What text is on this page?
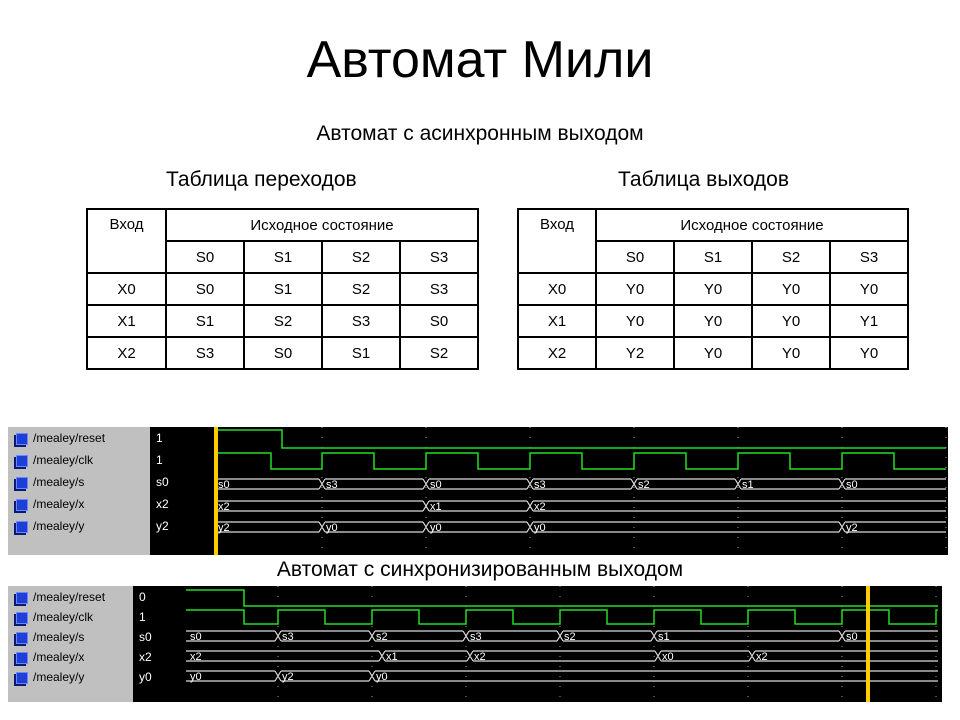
Автомат Мили
Автомат с асинхронным выходом
Таблица переходов	Таблица выходов
Вход	Исходное состояние			
	S0	S1	S2	S3
X0	S0	S1	S2	S3
X1	S1	S2	S3	S0
X2	S3	S0	S1	S2
Вход	Исходное состояние			
	S0	S1	S2	S3
X0	Y0	Y0	Y0	Y0
X1	Y0	Y0	Y0	Y1
X2	Y2	Y0	Y0	Y0
/mealey/reset
/mealey/clk
/mealey/s
/mealey/x
/mealey/y
1
1
s0
x2
y2
s0	s3	s0	s3	s2	s1	s0
x2	x1	x2
y2	y0	y0	y0	y2
Автомат с синхронизированным выходом
/mealey/reset
/mealey/clk
/mealey/s
/mealey/x
/mealey/y
0
1
s0
x2
y0
s0	s3	s2	s3	s2	s1	s0
x2	x1	x2	x0	x2
y0	y2	y0
